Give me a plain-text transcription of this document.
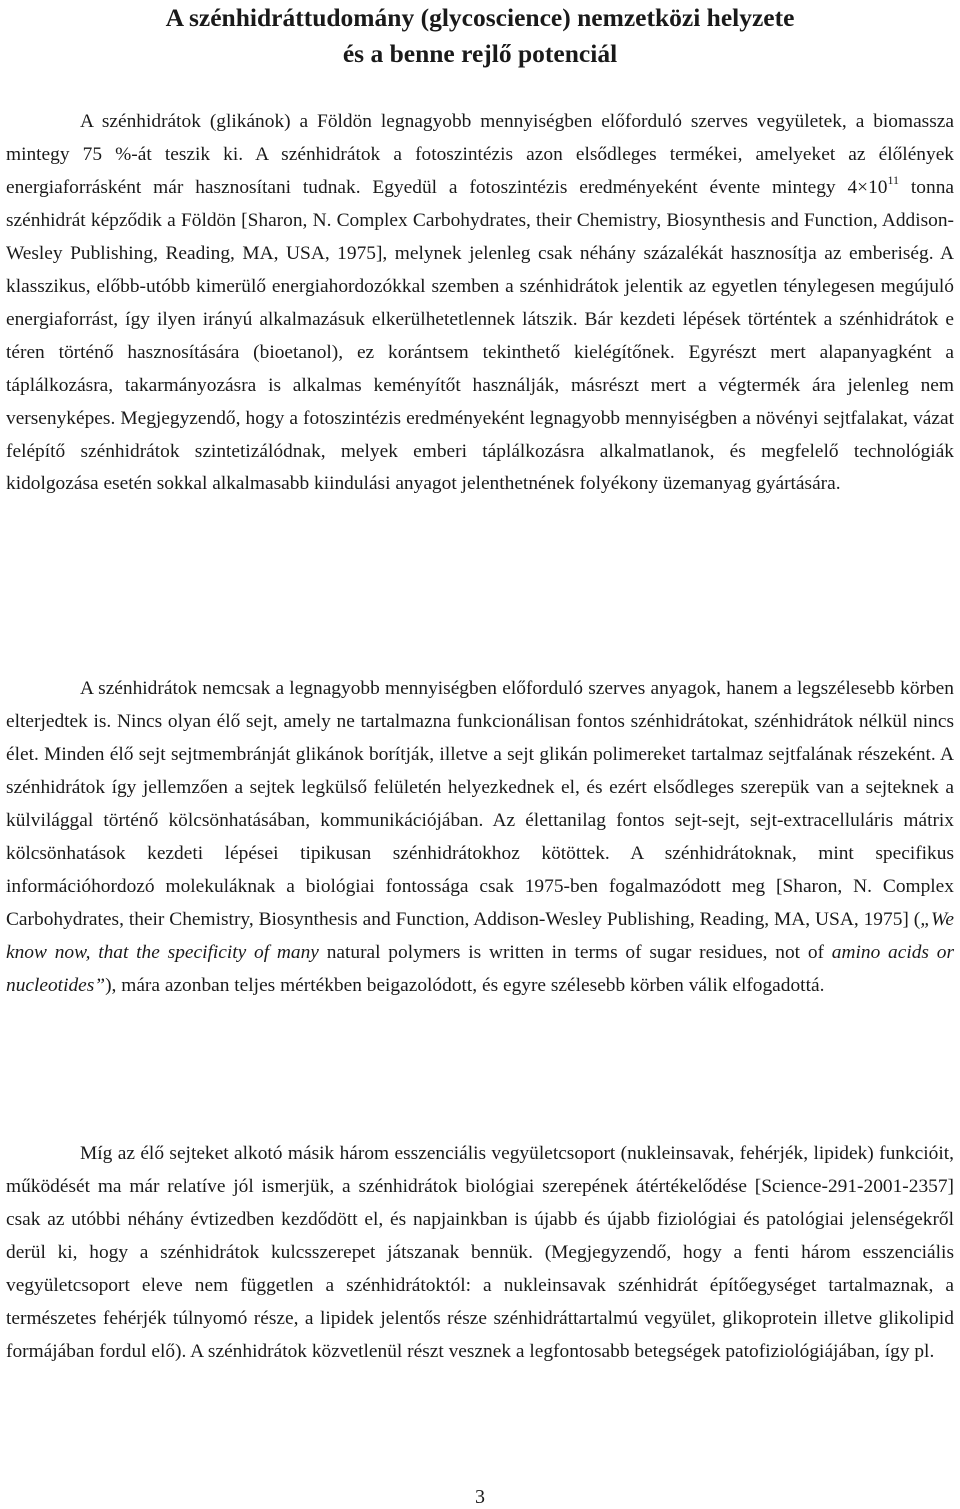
A szénhidráttudomány (glycoscience) nemzetközi helyzete

és a benne rejlő potenciál

A szénhidrátok (glikánok) a Földön legnagyobb mennyiségben előforduló szerves vegyületek, a biomassza mintegy 75 %-át teszik ki. A szénhidrátok a fotoszintézis azon elsődleges termékei, amelyeket az élőlények energiaforrásként már hasznosítani tudnak. Egyedül a fotoszintézis eredményeként évente mintegy $4\times 10^{11}$ tonna szénhidrát képződik a Földön [Sharon, N. Complex Carbohydrates, their Chemistry, Biosynthesis and Function, Addison-Wesley Publishing, Reading, MA, USA, 1975], melynek jelenleg csak néhány százalékát hasznosítja az emberiség. A klasszikus, előbb-utóbb kimerülő energiahordozókkal szemben a szénhidrátok jelentik az egyetlen ténylegesen megújuló energiaforrást, így ilyen irányú alkalmazásuk elkerülhetetlennek látszik. Bár kezdeti lépések történtek a szénhidrátok e téren történő hasznosítására (bioetanol), ez korántsem tekinthető kielégítőnek. Egyrészt mert alapanyagként a táplálkozásra, takarmányozásra is alkalmas keményítőt használják, másrészt mert a végtermék ára jelenleg nem versenyképes. Megjegyzendő, hogy a fotoszintézis eredményeként legnagyobb mennyiségben a növényi sejtfalakat, vázat felépítő szénhidrátok szintetizálódnak, melyek emberi táplálkozásra alkalmatlanok, és megfelelő technológiák kidolgozása esetén sokkal alkalmasabb kiindulási anyagot jelenthetnének folyékony üzemanyag gyártására.

A szénhidrátok nemcsak a legnagyobb mennyiségben előforduló szerves anyagok, hanem a legszélesebb körben elterjedtek is. Nincs olyan élő sejt, amely ne tartalmazna funkcionálisan fontos szénhidrátokat, szénhidrátok nélkül nincs élet. Minden élő sejt sejtmembránját glikánok borítják, illetve a sejt glikán polimereket tartalmaz sejtfalának részeként. A szénhidrátok így jellemzően a sejtek legkülső felületén helyezkednek el, és ezért elsődleges szerepük van a sejteknek a külvilággal történő kölcsönhatásában, kommunikációjában. Az élettanilag fontos sejt-sejt, sejt-extracelluláris mátrix kölcsönhatások kezdeti lépései tipikusan szénhidrátokhoz kötöttek. A szénhidrátoknak, mint specifikus információhordozó molekuláknak a biológiai fontossága csak 1975-ben fogalmazódott meg [Sharon, N. Complex Carbohydrates, their Chemistry, Biosynthesis and Function, Addison-Wesley Publishing, Reading, MA, USA, 1975] („We know now, that the specificity of many natural polymers is written in terms of sugar residues, not of amino acids or nucleotides”), mára azonban teljes mértékben beigazolódott, és egyre szélesebb körben válik elfogadottá.

Míg az élő sejteket alkotó másik három esszenciális vegyületcsoport (nukleinsavak, fehérjék, lipidek) funkcióit, működését ma már relatíve jól ismerjük, a szénhidrátok biológiai szerepének átértékelődése [Science-291-2001-2357] csak az utóbbi néhány évtizedben kezdődött el, és napjainkban is újabb és újabb fiziológiai és patológiai jelenségekről derül ki, hogy a szénhidrátok kulcsszerepet játszanak bennük. (Megjegyzendő, hogy a fenti három esszenciális vegyületcsoport eleve nem független a szénhidrátoktól: a nukleinsavak szénhidrát építőegységet tartalmaznak, a természetes fehérjék túlnyomó része, a lipidek jelentős része szénhidráttartalmú vegyület, glikoprotein illetve glikolipid formájában fordul elő). A szénhidrátok közvetlenül részt vesznek a legfontosabb betegségek patofiziológiájában, így pl.

3
